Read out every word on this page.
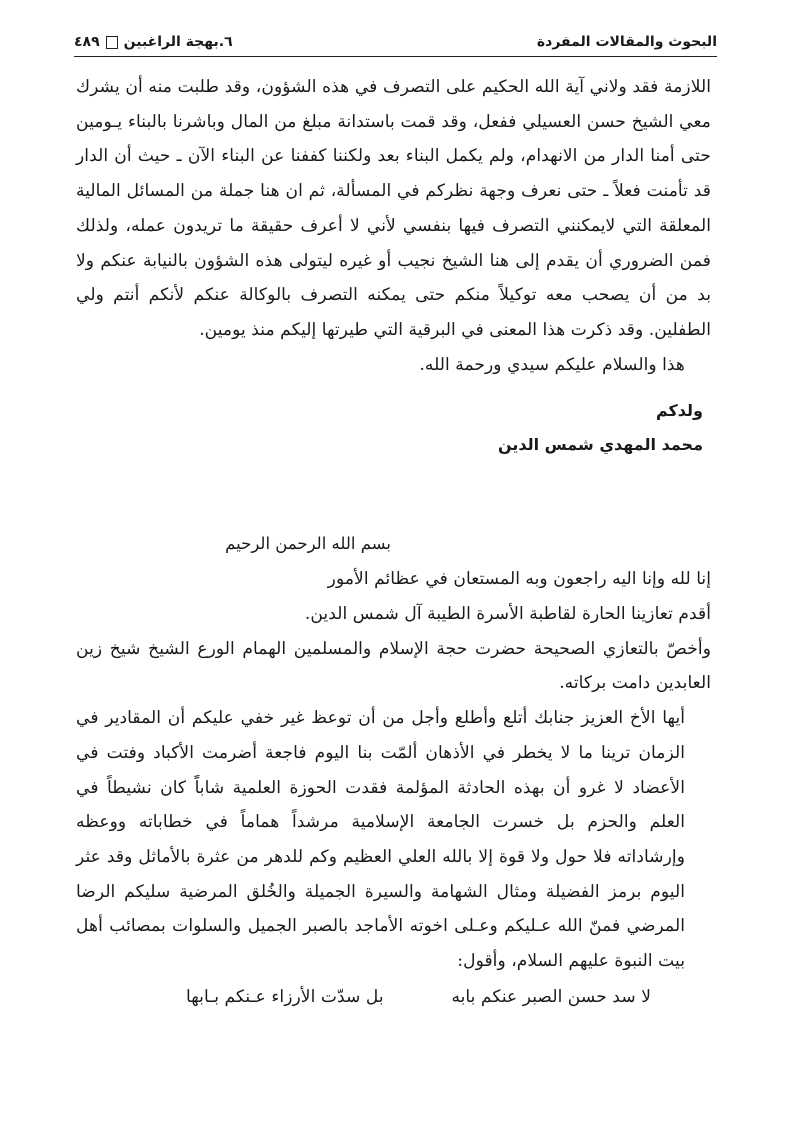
البحوث والمقالات المفردة
٦.بهجة الراغبين
٤٨٩

اللازمة فقد ولاني آية الله الحكيم على التصرف في هذه الشؤون، وقد طلبت منه أن يشرك معي الشيخ حسن العسيلي ففعل، وقد قمت باستدانة مبلغ من المال وباشرنا بالبناء يـومين حتى أمنا الدار من الانهدام، ولم يكمل البناء بعد ولكننا كففنا عن البناء الآن ـ حيث أن الدار قد تأمنت فعلاً ـ حتى نعرف وجهة نظركم في المسألة، ثم ان هنا جملة من المسائل المالية المعلقة التي لايمكنني التصرف فيها بنفسي لأني لا أعرف حقيقة ما تريدون عمله، ولذلك فمن الضروري أن يقدم إلى هنا الشيخ نجيب أو غيره ليتولى هذه الشؤون بالنيابة عنكم ولا بد من أن يصحب معه توكيلاً منكم حتى يمكنه التصرف بالوكالة عنكم لأنكم أنتم ولي الطفلين. وقد ذكرت هذا المعنى في البرقية التي طيرتها إليكم منذ يومين.

هذا والسلام عليكم سيدي ورحمة الله.

ولدكم

محمد المهدي شمس الدين

بسم الله الرحمن الرحيم

إنا لله وإنا اليه راجعون وبه المستعان في عظائم الأمور

أقدم تعازينا الحارة لقاطبة الأسرة الطيبة آل شمس الدين.

وأخصّ بالتعازي الصحيحة حضرت حجة الإسلام والمسلمين الهمام الورع الشيخ شيخ زين العابدين دامت بركاته.

أيها الأخ العزيز جنابك أتلع وأطلع وأجل من أن توعظ غير خفي عليكم أن المقادير في الزمان ترينا ما لا يخطر في الأذهان ألمّت بنا اليوم فاجعة أضرمت الأكباد وفتت في الأعضاد لا غرو أن بهذه الحادثة المؤلمة فقدت الحوزة العلمية شاباًً كان نشيطاً في العلم والحزم بل خسرت الجامعة الإسلامية مرشداً هماماً في خطاباته ووعظه وإرشاداته فلا حول ولا قوة إلا بالله العلي العظيم وكم للدهر من عثرة بالأماثل وقد عثر اليوم برمز الفضيلة ومثال الشهامة والسيرة الجميلة والخُلق المرضية سليكم الرضا المرضي فمنّ الله عـليكم وعـلى اخوته الأماجد بالصبر الجميل والسلوات بمصائب أهل بيت النبوة عليهم السلام، وأقول:

لا سد حسن الصبر عنكم بابه
بل سدّت الأرزاء عـنكم بـابها
